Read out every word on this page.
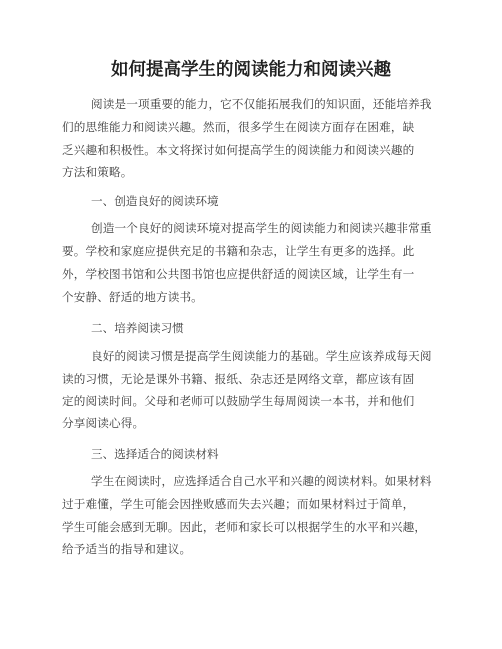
如何提高学生的阅读能力和阅读兴趣
阅读是一项重要的能力，它不仅能拓展我们的知识面，还能培养我
们的思维能力和阅读兴趣。然而，很多学生在阅读方面存在困难，缺
乏兴趣和积极性。本文将探讨如何提高学生的阅读能力和阅读兴趣的
方法和策略。
一、创造良好的阅读环境
创造一个良好的阅读环境对提高学生的阅读能力和阅读兴趣非常重
要。学校和家庭应提供充足的书籍和杂志，让学生有更多的选择。此
外，学校图书馆和公共图书馆也应提供舒适的阅读区域，让学生有一
个安静、舒适的地方读书。
二、培养阅读习惯
良好的阅读习惯是提高学生阅读能力的基础。学生应该养成每天阅
读的习惯，无论是课外书籍、报纸、杂志还是网络文章，都应该有固
定的阅读时间。父母和老师可以鼓励学生每周阅读一本书，并和他们
分享阅读心得。
三、选择适合的阅读材料
学生在阅读时，应选择适合自己水平和兴趣的阅读材料。如果材料
过于难懂，学生可能会因挫败感而失去兴趣；而如果材料过于简单，
学生可能会感到无聊。因此，老师和家长可以根据学生的水平和兴趣，
给予适当的指导和建议。
